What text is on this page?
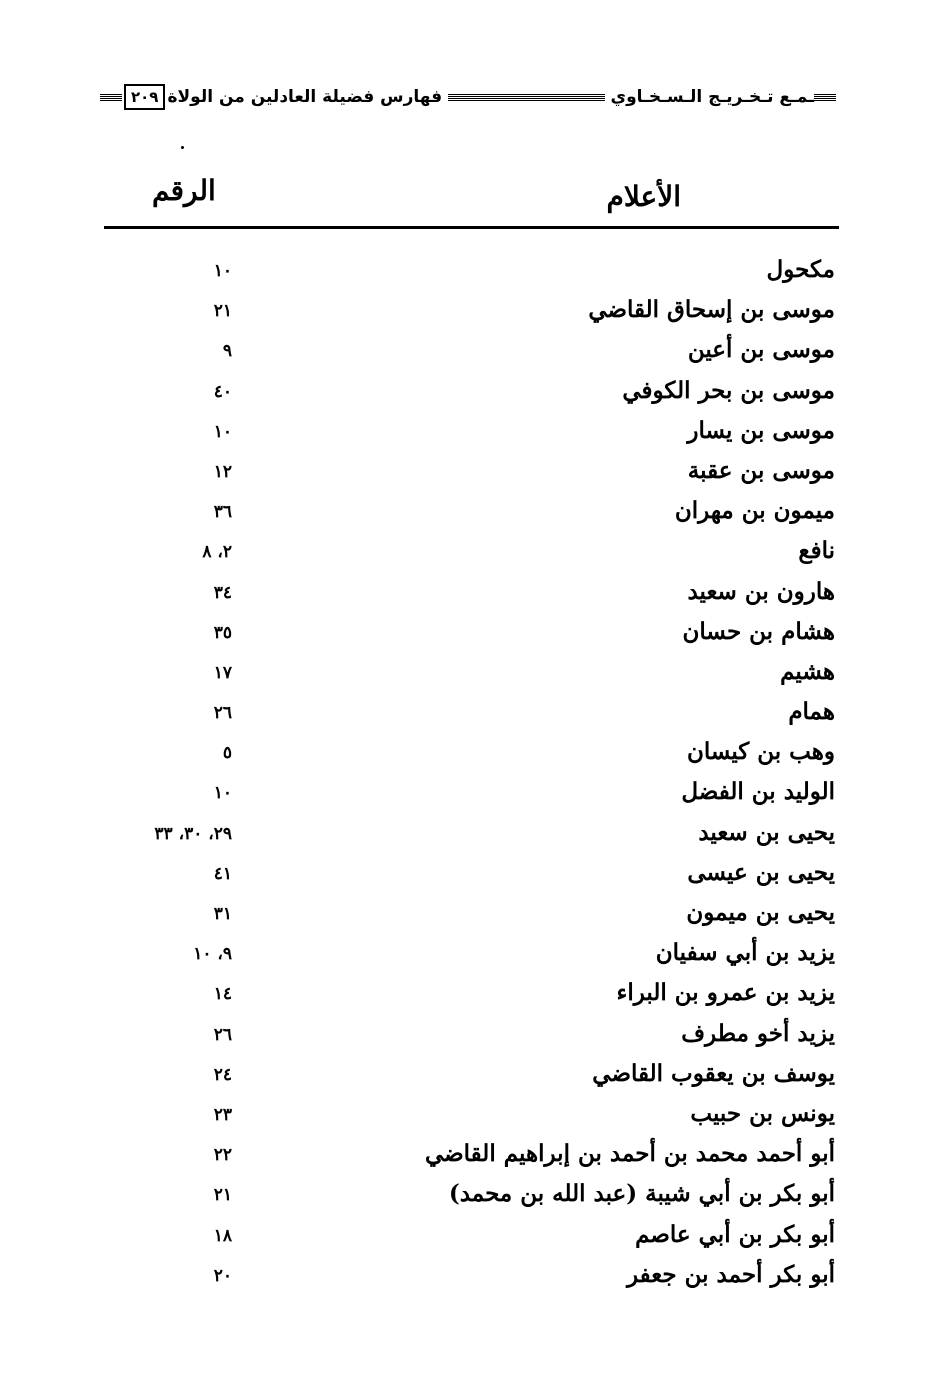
ـمـع تـخـريـج الـسـخـاوي
فهارس فضيلة العادلين من الولاة
٢٠٩
الأعلام
الرقم
مكحول
١٠
موسى بن إسحاق القاضي
٢١
موسى بن أعين
٩
موسى بن بحر الكوفي
٤٠
موسى بن يسار
١٠
موسى بن عقبة
١٢
ميمون بن مهران
٣٦
نافع
٢، ٨
هارون بن سعيد
٣٤
هشام بن حسان
٣٥
هشيم
١٧
همام
٢٦
وهب بن كيسان
٥
الوليد بن الفضل
١٠
يحيى بن سعيد
٢٩، ٣٠، ٣٣
يحيى بن عيسى
٤١
يحيى بن ميمون
٣١
يزيد بن أبي سفيان
٩، ١٠
يزيد بن عمرو بن البراء
١٤
يزيد أخو مطرف
٢٦
يوسف بن يعقوب القاضي
٢٤
يونس بن حبيب
٢٣
أبو أحمد محمد بن أحمد بن إبراهيم القاضي
٢٢
أبو بكر بن أبي شيبة (عبد الله بن محمد)
٢١
أبو بكر بن أبي عاصم
١٨
أبو بكر أحمد بن جعفر
٢٠
